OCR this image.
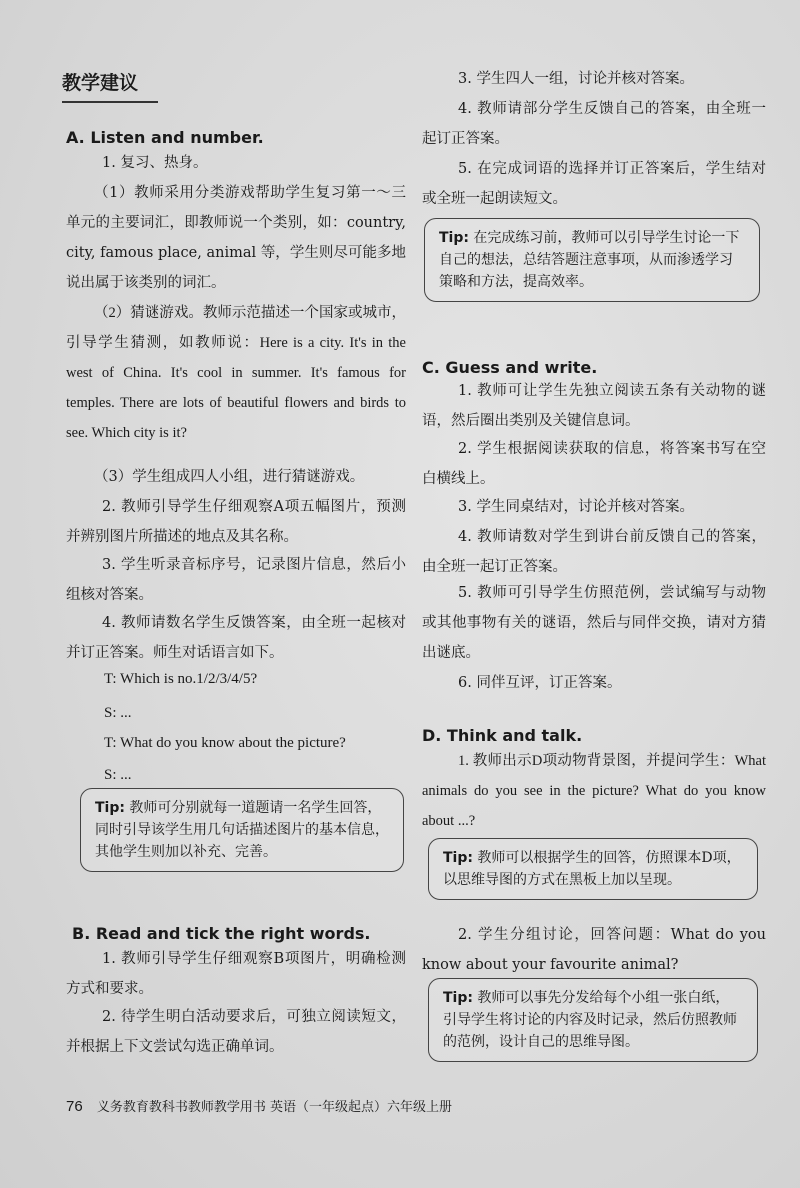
教学建议
A. Listen and number.

1. 复习、热身。

（1）教师采用分类游戏帮助学生复习第一～三单元的主要词汇，即教师说一个类别，如：country, city, famous place, animal 等，学生则尽可能多地说出属于该类别的词汇。

（2）猜谜游戏。教师示范描述一个国家或城市，引导学生猜测，如教师说：Here is a city. It's in the west of China. It's cool in summer. It's famous for temples. There are lots of beautiful flowers and birds to see. Which city is it?

（3）学生组成四人小组，进行猜谜游戏。

2. 教师引导学生仔细观察A项五幅图片，预测并辨别图片所描述的地点及其名称。

3. 学生听录音标序号，记录图片信息，然后小组核对答案。

4. 教师请数名学生反馈答案，由全班一起核对并订正答案。师生对话语言如下。

T: Which is no.1/2/3/4/5?
S: ...
T: What do you know about the picture?
S: ...
Tip: 教师可分别就每一道题请一名学生回答，同时引导该学生用几句话描述图片的基本信息，其他学生则加以补充、完善。
B. Read and tick the right words.

1. 教师引导学生仔细观察B项图片，明确检测方式和要求。

2. 待学生明白活动要求后，可独立阅读短文，并根据上下文尝试勾选正确单词。

3. 学生四人一组，讨论并核对答案。

4. 教师请部分学生反馈自己的答案，由全班一起订正答案。

5. 在完成词语的选择并订正答案后，学生结对或全班一起朗读短文。

Tip: 在完成练习前，教师可以引导学生讨论一下自己的想法，总结答题注意事项，从而渗透学习策略和方法，提高效率。
C. Guess and write.

1. 教师可让学生先独立阅读五条有关动物的谜语，然后圈出类别及关键信息词。

2. 学生根据阅读获取的信息，将答案书写在空白横线上。

3. 学生同桌结对，讨论并核对答案。

4. 教师请数对学生到讲台前反馈自己的答案，由全班一起订正答案。

5. 教师可引导学生仿照范例，尝试编写与动物或其他事物有关的谜语，然后与同伴交换，请对方猜出谜底。

6. 同伴互评，订正答案。

D. Think and talk.

1. 教师出示D项动物背景图，并提问学生：What animals do you see in the picture? What do you know about ...?

Tip: 教师可以根据学生的回答，仿照课本D项，以思维导图的方式在黑板上加以呈现。

2. 学生分组讨论，回答问题：What do you know about your favourite animal?

Tip: 教师可以事先分发给每个小组一张白纸，引导学生将讨论的内容及时记录，然后仿照教师的范例，设计自己的思维导图。
76 义务教育教科书教师教学用书 英语（一年级起点）六年级上册
